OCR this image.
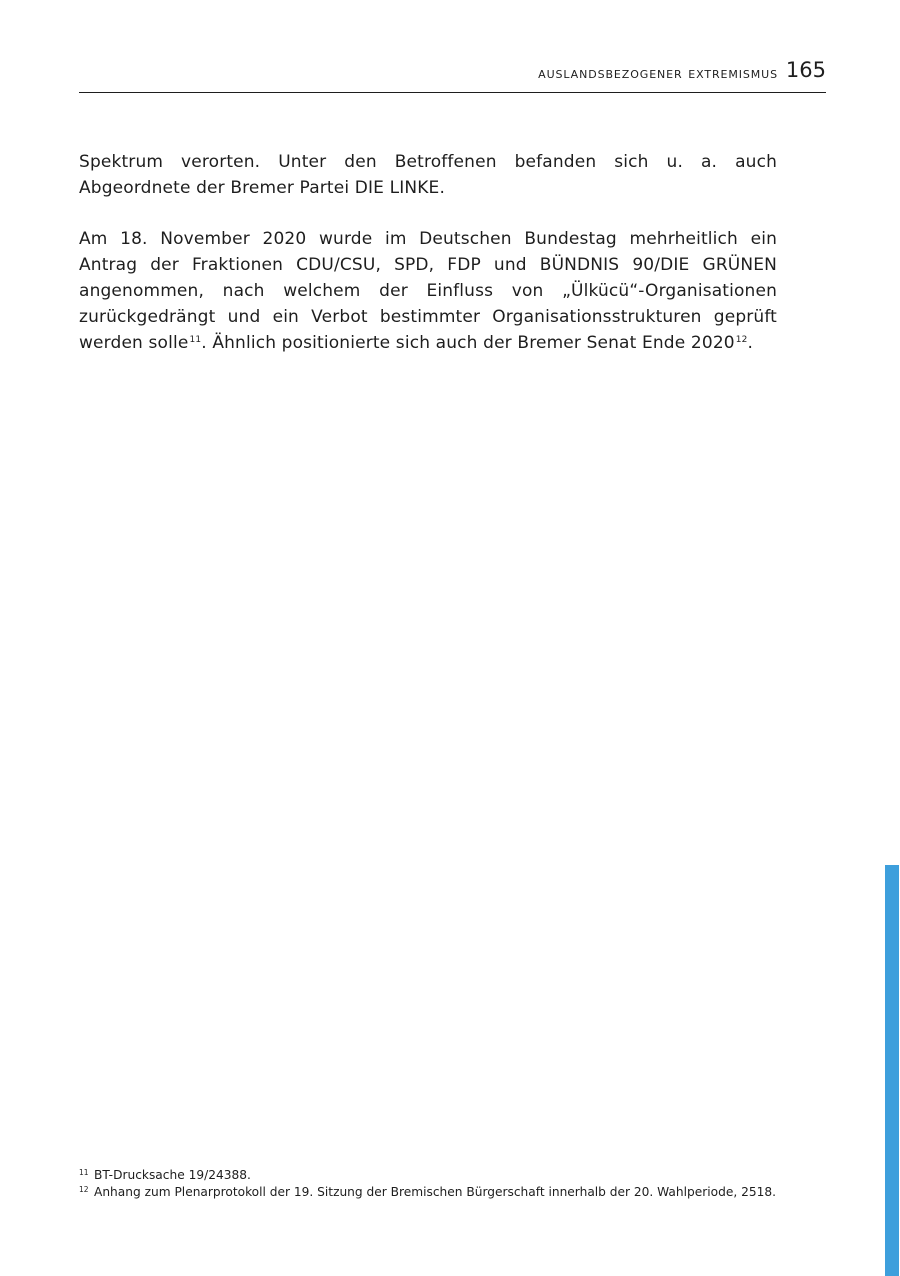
auslandsbezogener extremismus 165

Spektrum verorten. Unter den Betroffenen befanden sich u. a. auch Abgeordnete der Bremer Partei DIE LINKE.

Am 18. November 2020 wurde im Deutschen Bundestag mehrheitlich ein Antrag der Fraktionen CDU/CSU, SPD, FDP und BÜNDNIS 90/DIE GRÜNEN angenommen, nach welchem der Einfluss von „Ülkücü“-Organisationen zurückgedrängt und ein Verbot bestimmter Organisationsstrukturen geprüft werden solle$^{11}$. Ähnlich positionierte sich auch der Bremer Senat Ende 2020$^{12}$.

11 BT-Drucksache 19/24388.
12 Anhang zum Plenarprotokoll der 19. Sitzung der Bremischen Bürgerschaft innerhalb der 20. Wahlperiode, 2518.
